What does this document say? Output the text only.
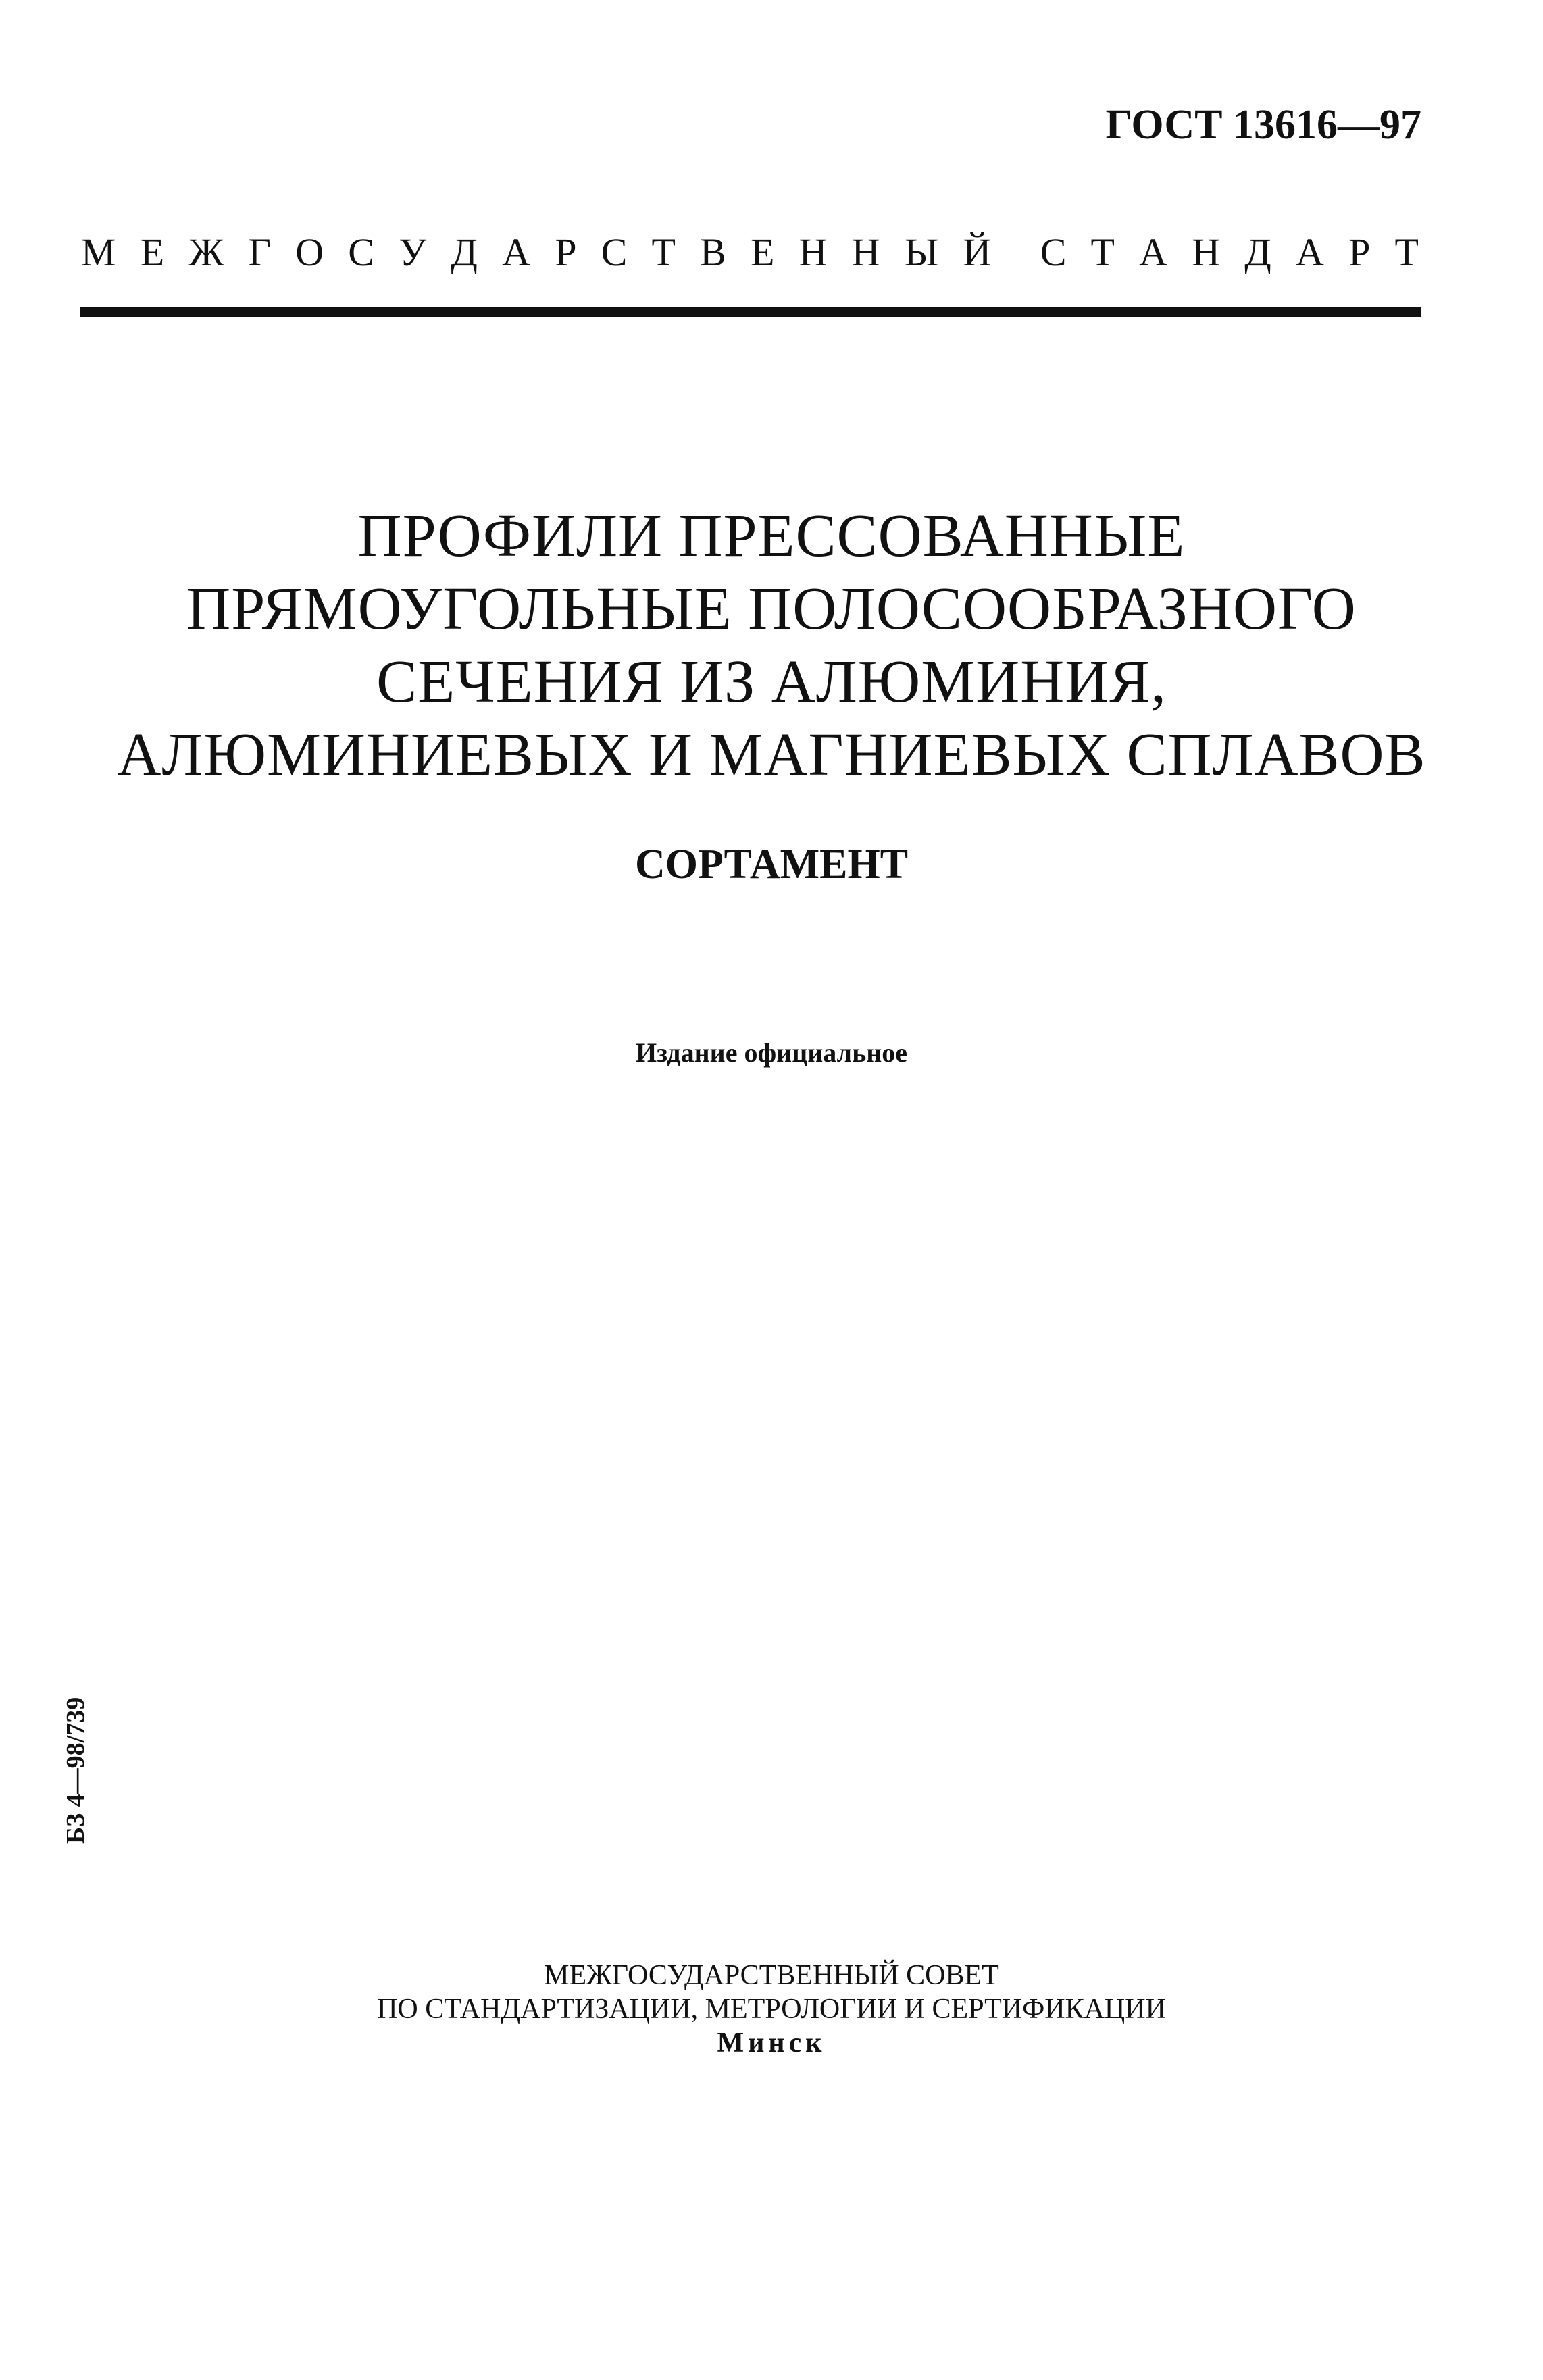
ГОСТ 13616—97
М Е Ж Г О С У Д А Р С Т В Е Н Н Ы Й С Т А Н Д А Р Т
ПРОФИЛИ ПРЕССОВАННЫЕ
ПРЯМОУГОЛЬНЫЕ ПОЛОСООБРАЗНОГО
СЕЧЕНИЯ ИЗ АЛЮМИНИЯ,
АЛЮМИНИЕВЫХ И МАГНИЕВЫХ СПЛАВОВ
СОРТАМЕНТ
Издание официальное
БЗ 4—98/739
МЕЖГОСУДАРСТВЕННЫЙ СОВЕТ
ПО СТАНДАРТИЗАЦИИ, МЕТРОЛОГИИ И СЕРТИФИКАЦИИ
Минск
